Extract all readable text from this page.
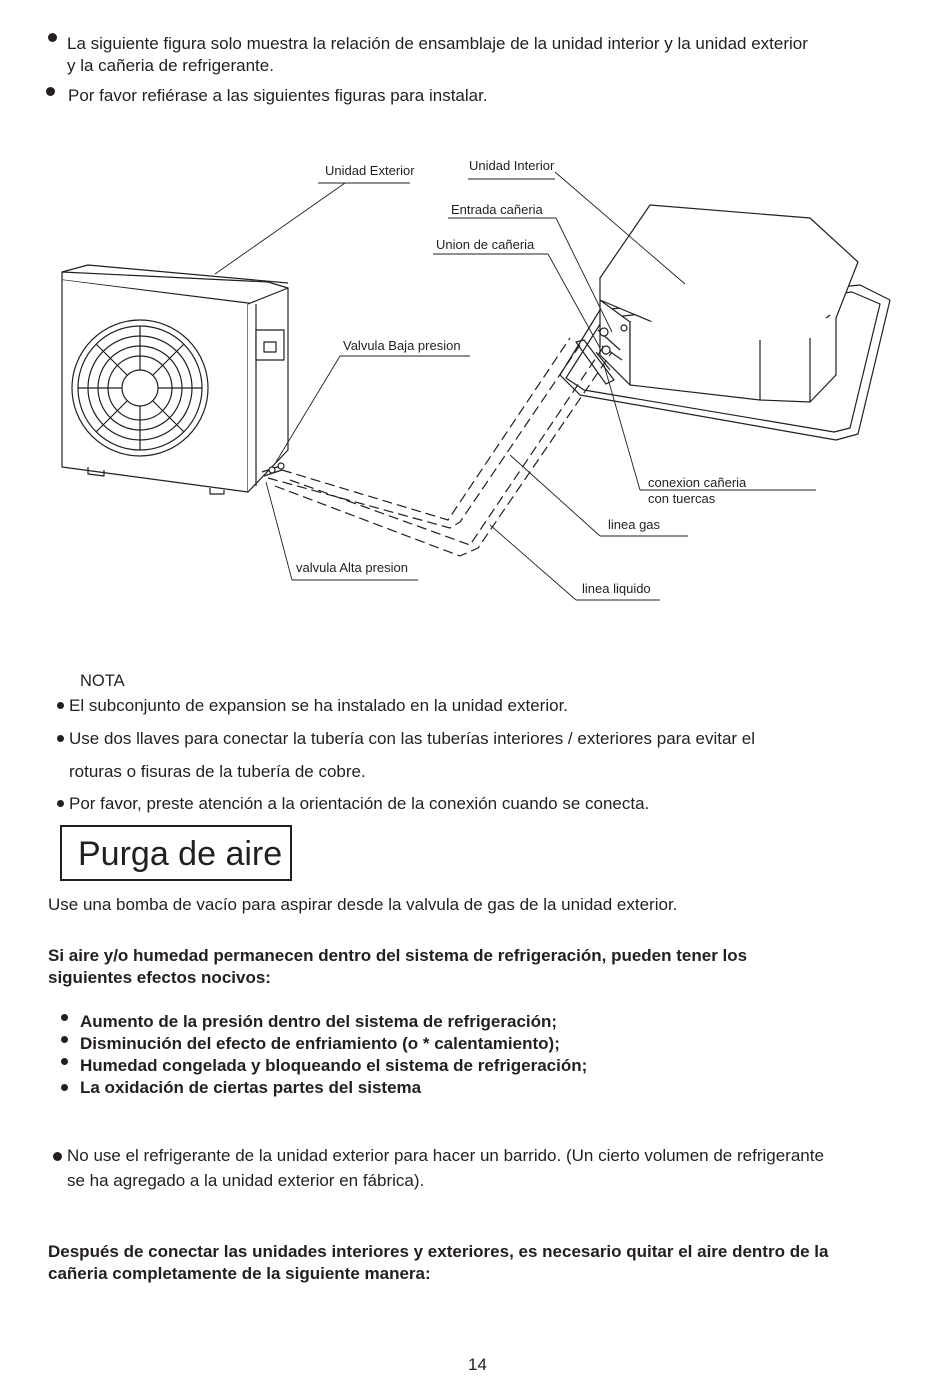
La siguiente figura solo muestra la relación de ensamblaje de la unidad interior y la unidad exterior
y la cañeria de refrigerante.
Por favor refiérase a las siguientes figuras para instalar.
Unidad Exterior	Unidad Interior
Entrada cañeria
Union de cañeria
Valvula Baja presion
conexion cañeria
con tuercas
linea gas
valvula Alta presion
linea liquido
NOTA
El subconjunto de expansion se ha instalado en la unidad exterior.
Use dos llaves para conectar la tubería con las tuberías interiores / exteriores para evitar el
roturas o fisuras de la tubería de cobre.
Por favor, preste atención a la orientación de la conexión cuando se conecta.
Purga de aire
Use una bomba de vacío para aspirar desde la valvula de gas de la unidad exterior.
Si aire y/o humedad permanecen dentro del sistema de refrigeración, pueden tener los
siguientes efectos nocivos:
Aumento de la presión dentro del sistema de refrigeración;
Disminución del efecto de enfriamiento (o * calentamiento);
Humedad congelada y bloqueando el sistema de refrigeración;
La oxidación de ciertas partes del sistema
No use el refrigerante de la unidad exterior para hacer un barrido. (Un cierto volumen de refrigerante
se ha agregado a la unidad exterior en fábrica).
Después de conectar las unidades interiores y exteriores, es necesario quitar el aire dentro de la
cañeria completamente de la siguiente manera:
14
